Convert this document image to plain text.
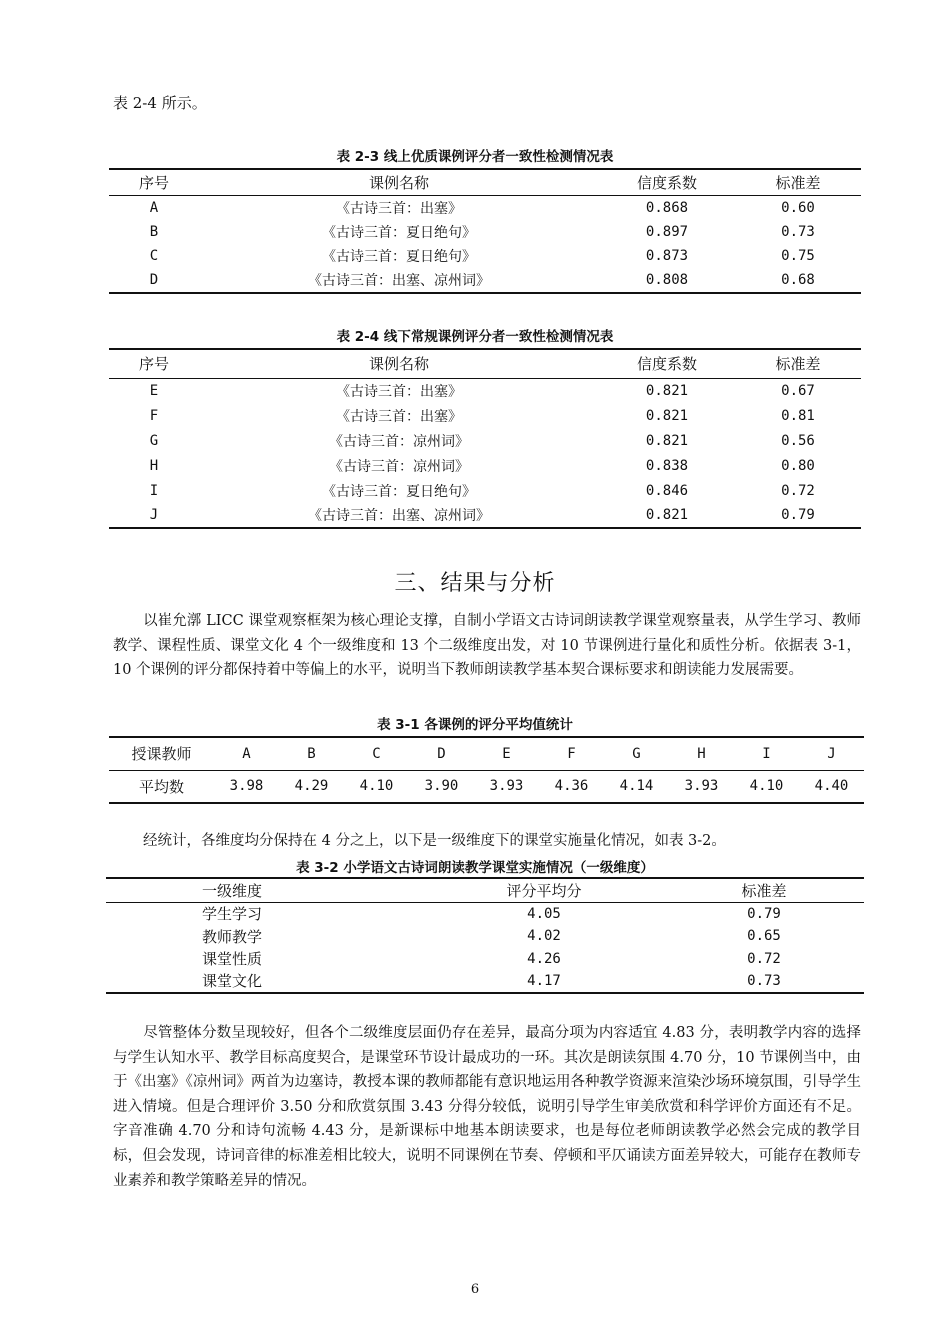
表 2-4 所示。
表 2-3 线上优质课例评分者一致性检测情况表
序号	课例名称	信度系数	标准差
A	《古诗三首：出塞》	0.868	0.60
B	《古诗三首：夏日绝句》	0.897	0.73
C	《古诗三首：夏日绝句》	0.873	0.75
D	《古诗三首：出塞、凉州词》	0.808	0.68
表 2-4 线下常规课例评分者一致性检测情况表
序号	课例名称	信度系数	标准差
E	《古诗三首：出塞》	0.821	0.67
F	《古诗三首：出塞》	0.821	0.81
G	《古诗三首：凉州词》	0.821	0.56
H	《古诗三首：凉州词》	0.838	0.80
I	《古诗三首：夏日绝句》	0.846	0.72
J	《古诗三首：出塞、凉州词》	0.821	0.79
三、结果与分析
以崔允漷 LICC 课堂观察框架为核心理论支撑，自制小学语文古诗词朗读教学课堂观察量表，从学生学习、教师教学、课程性质、课堂文化 4 个一级维度和 13 个二级维度出发，对 10 节课例进行量化和质性分析。依据表 3-1，10 个课例的评分都保持着中等偏上的水平，说明当下教师朗读教学基本契合课标要求和朗读能力发展需要。
表 3-1 各课例的评分平均值统计
授课教师	A	B	C	D	E	F	G	H	I	J
平均数	3.98	4.29	4.10	3.90	3.93	4.36	4.14	3.93	4.10	4.40
经统计，各维度均分保持在 4 分之上，以下是一级维度下的课堂实施量化情况，如表 3-2。
表 3-2 小学语文古诗词朗读教学课堂实施情况（一级维度）
一级维度	评分平均分	标准差
学生学习	4.05	0.79
教师教学	4.02	0.65
课堂性质	4.26	0.72
课堂文化	4.17	0.73
尽管整体分数呈现较好，但各个二级维度层面仍存在差异，最高分项为内容适宜 4.83 分，表明教学内容的选择与学生认知水平、教学目标高度契合，是课堂环节设计最成功的一环。其次是朗读氛围 4.70 分，10 节课例当中，由于《出塞》《凉州词》两首为边塞诗，教授本课的教师都能有意识地运用各种教学资源来渲染沙场环境氛围，引导学生进入情境。但是合理评价 3.50 分和欣赏氛围 3.43 分得分较低，说明引导学生审美欣赏和科学评价方面还有不足。字音准确 4.70 分和诗句流畅 4.43 分，是新课标中地基本朗读要求，也是每位老师朗读教学必然会完成的教学目标，但会发现，诗词音律的标准差相比较大，说明不同课例在节奏、停顿和平仄诵读方面差异较大，可能存在教师专业素养和教学策略差异的情况。
6
